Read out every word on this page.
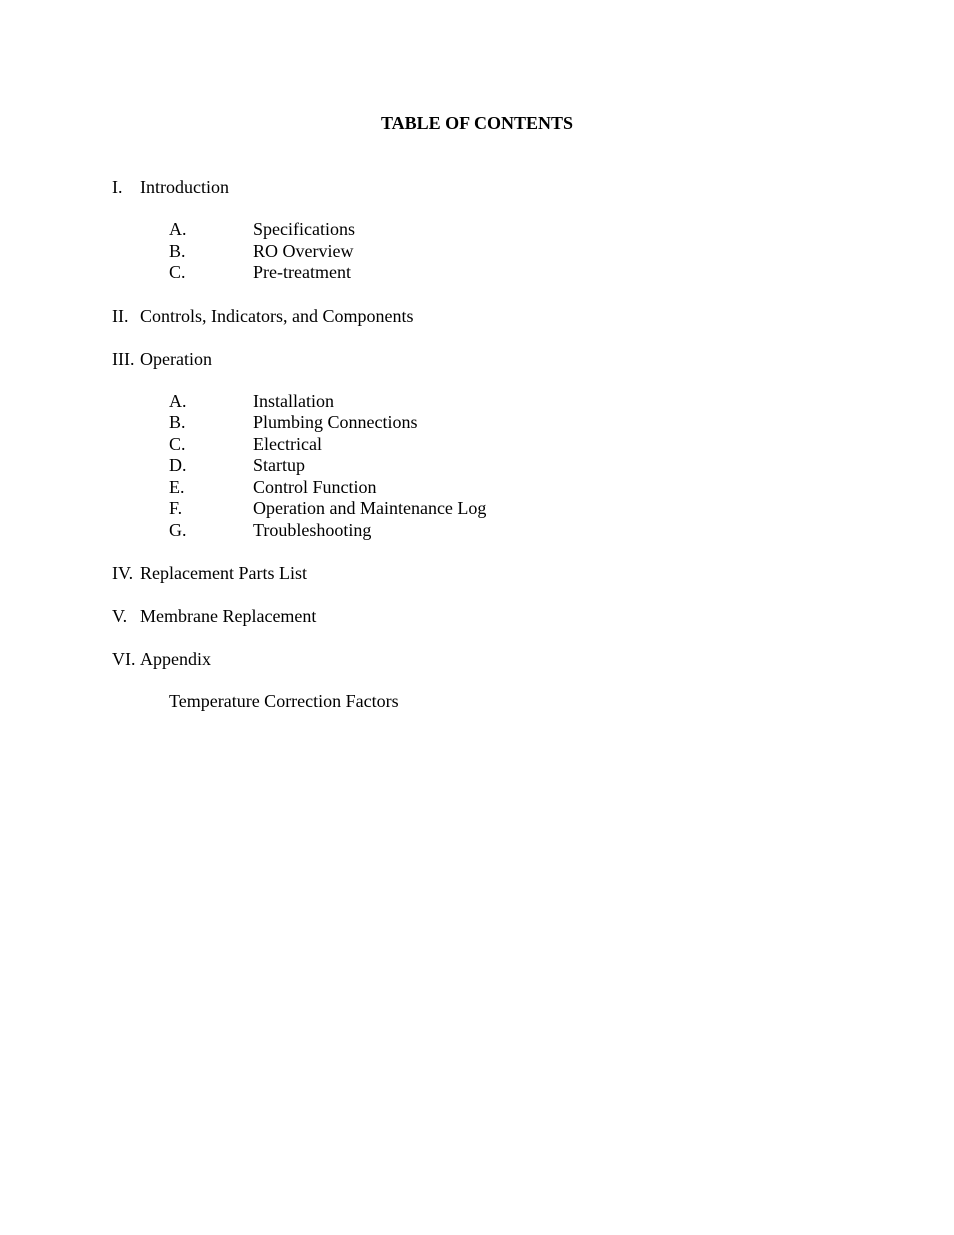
TABLE OF CONTENTS
I. Introduction
A.	Specifications
B.	RO Overview
C.	Pre-treatment
II. Controls, Indicators, and Components
III. Operation
A.	Installation
B.	Plumbing Connections
C.	Electrical
D.	Startup
E.	Control Function
F.	Operation and Maintenance Log
G.	Troubleshooting
IV. Replacement Parts List
V. Membrane Replacement
VI. Appendix
Temperature Correction Factors
